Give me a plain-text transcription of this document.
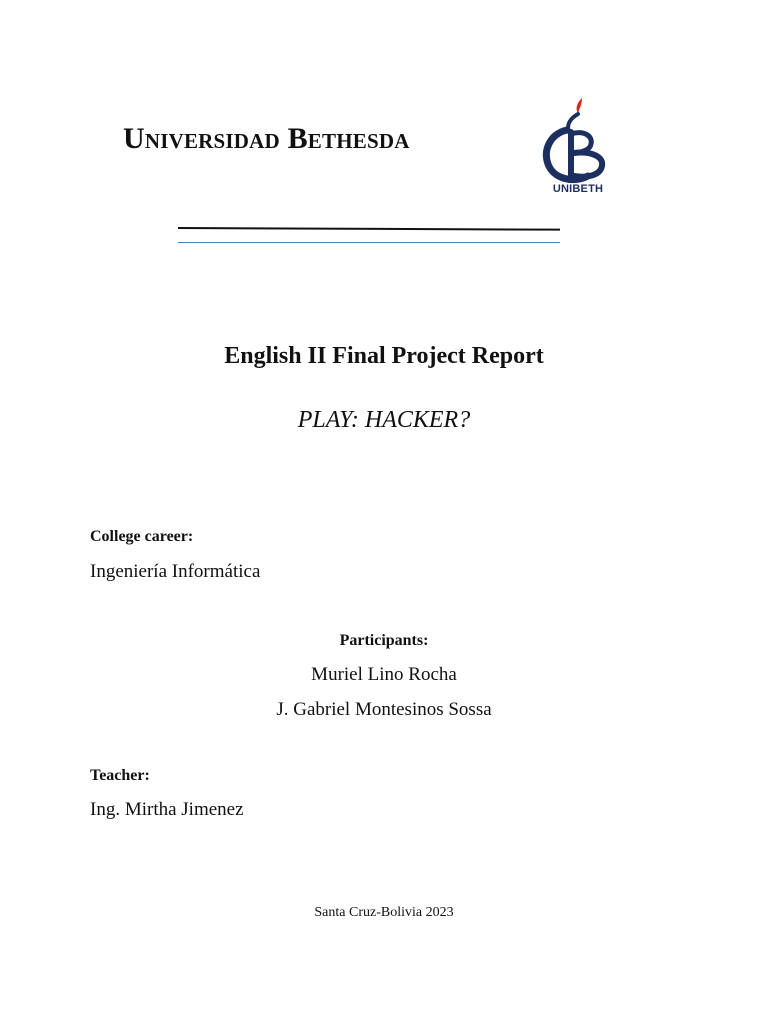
Universidad Bethesda
UNIBETH
English II Final Project Report
PLAY: HACKER?
College career:
Ingeniería Informática
Participants:
Muriel Lino Rocha
J. Gabriel Montesinos Sossa
Teacher:
Ing. Mirtha Jimenez
Santa Cruz-Bolivia 2023
